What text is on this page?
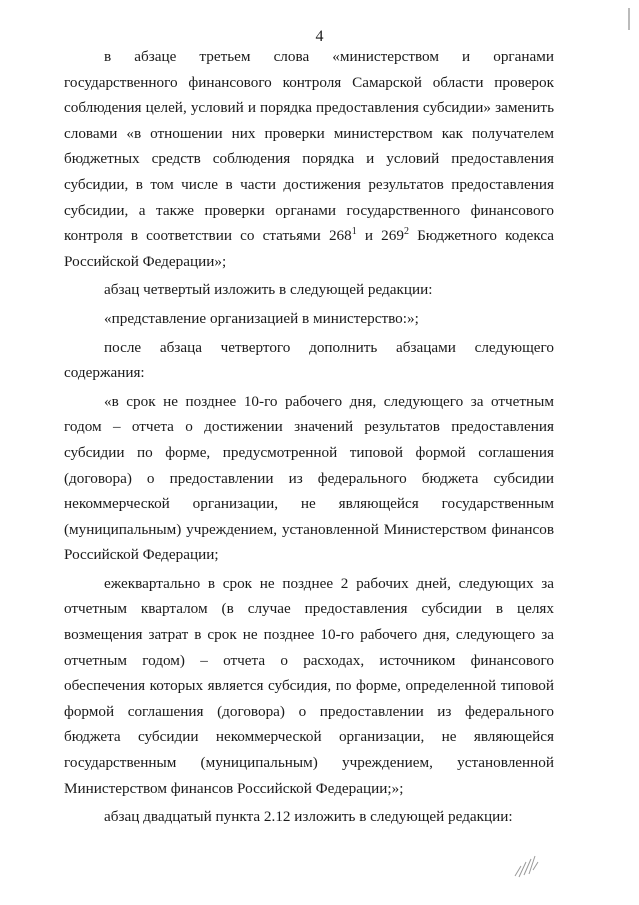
4

в абзаце третьем слова «министерством и органами государственного финансового контроля Самарской области проверок соблюдения целей, условий и порядка предоставления субсидии» заменить словами «в отношении них проверки министерством как получателем бюджетных средств соблюдения порядка и условий предоставления субсидии, в том числе в части достижения результатов предоставления субсидии, а также проверки органами государственного финансового контроля в соответствии со статьями $268^1$ и $269^2$ Бюджетного кодекса Российской Федерации»;

абзац четвертый изложить в следующей редакции:

«представление организацией в министерство:»;

после абзаца четвертого дополнить абзацами следующего содержания:

«в срок не позднее 10-го рабочего дня, следующего за отчетным годом – отчета о достижении значений результатов предоставления субсидии по форме, предусмотренной типовой формой соглашения (договора) о предоставлении из федерального бюджета субсидии некоммерческой организации, не являющейся государственным (муниципальным) учреждением, установленной Министерством финансов Российской Федерации;

ежеквартально в срок не позднее 2 рабочих дней, следующих за отчетным кварталом (в случае предоставления субсидии в целях возмещения затрат в срок не позднее 10-го рабочего дня, следующего за отчетным годом) – отчета о расходах, источником финансового обеспечения которых является субсидия, по форме, определенной типовой формой соглашения (договора) о предоставлении из федерального бюджета субсидии некоммерческой организации, не являющейся государственным (муниципальным) учреждением, установленной Министерством финансов Российской Федерации;»;

абзац двадцатый пункта 2.12 изложить в следующей редакции:
